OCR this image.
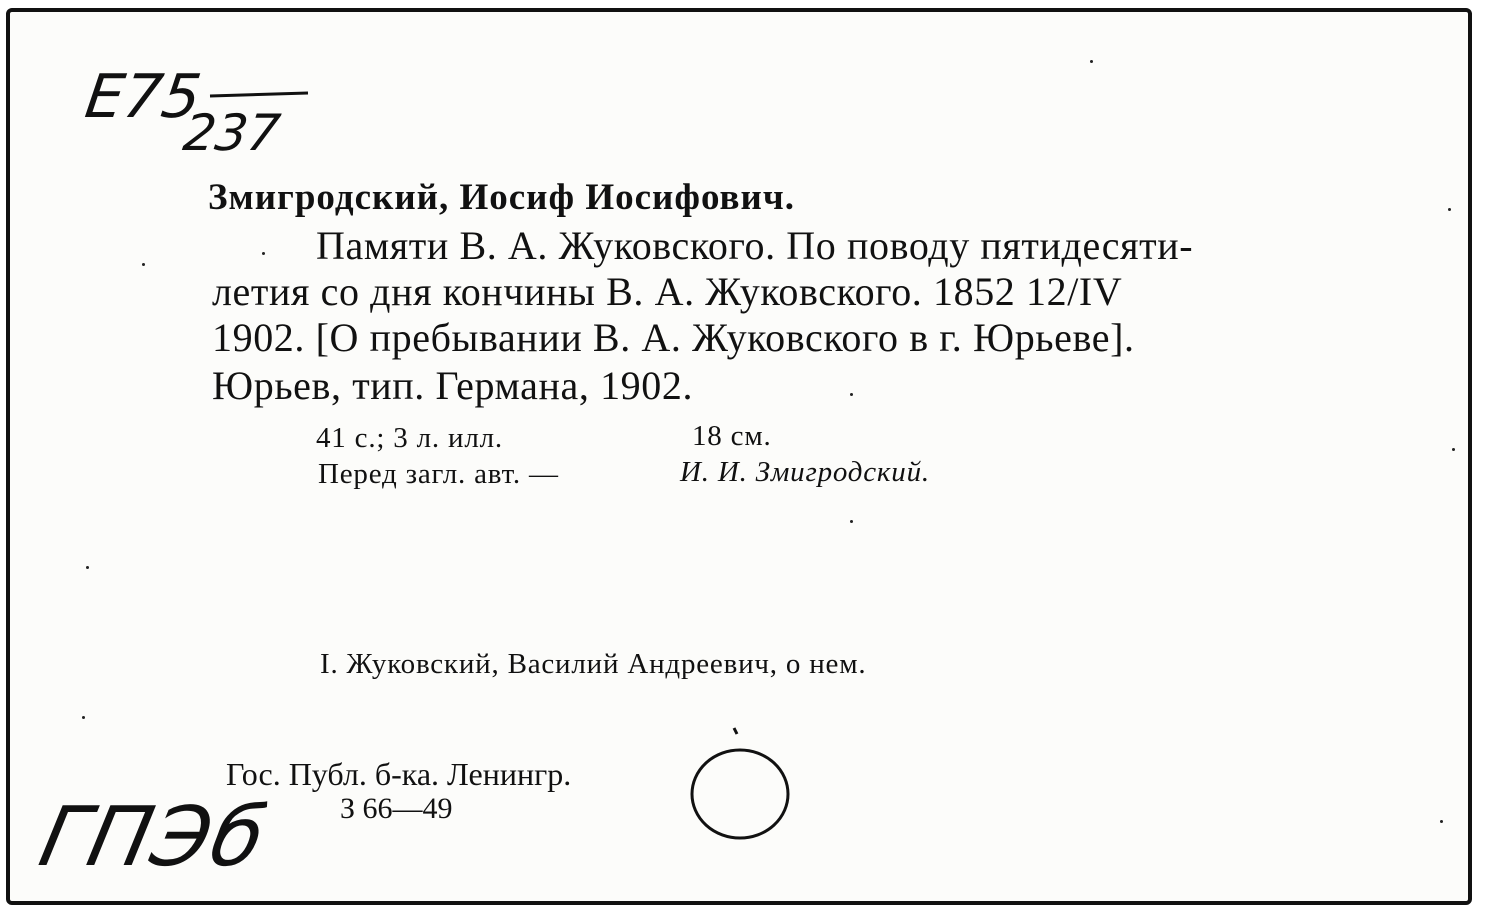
E75
237
Змигродский, Иосиф Иосифович.
Памяти В. А. Жуковского. По поводу пятидесяти-
летия со дня кончины В. А. Жуковского. 1852 12/IV
1902. [О пребывании В. А. Жуковского в г. Юрьеве].
Юрьев, тип. Германа, 1902.
41 с.; 3 л. илл.	18 см.
Перед загл. авт. —	И. И. Змигродский.
I. Жуковский, Василий Андреевич, о нем.
Гос. Публ. б-ка. Ленингр.
З 66—49
ГПЭб
